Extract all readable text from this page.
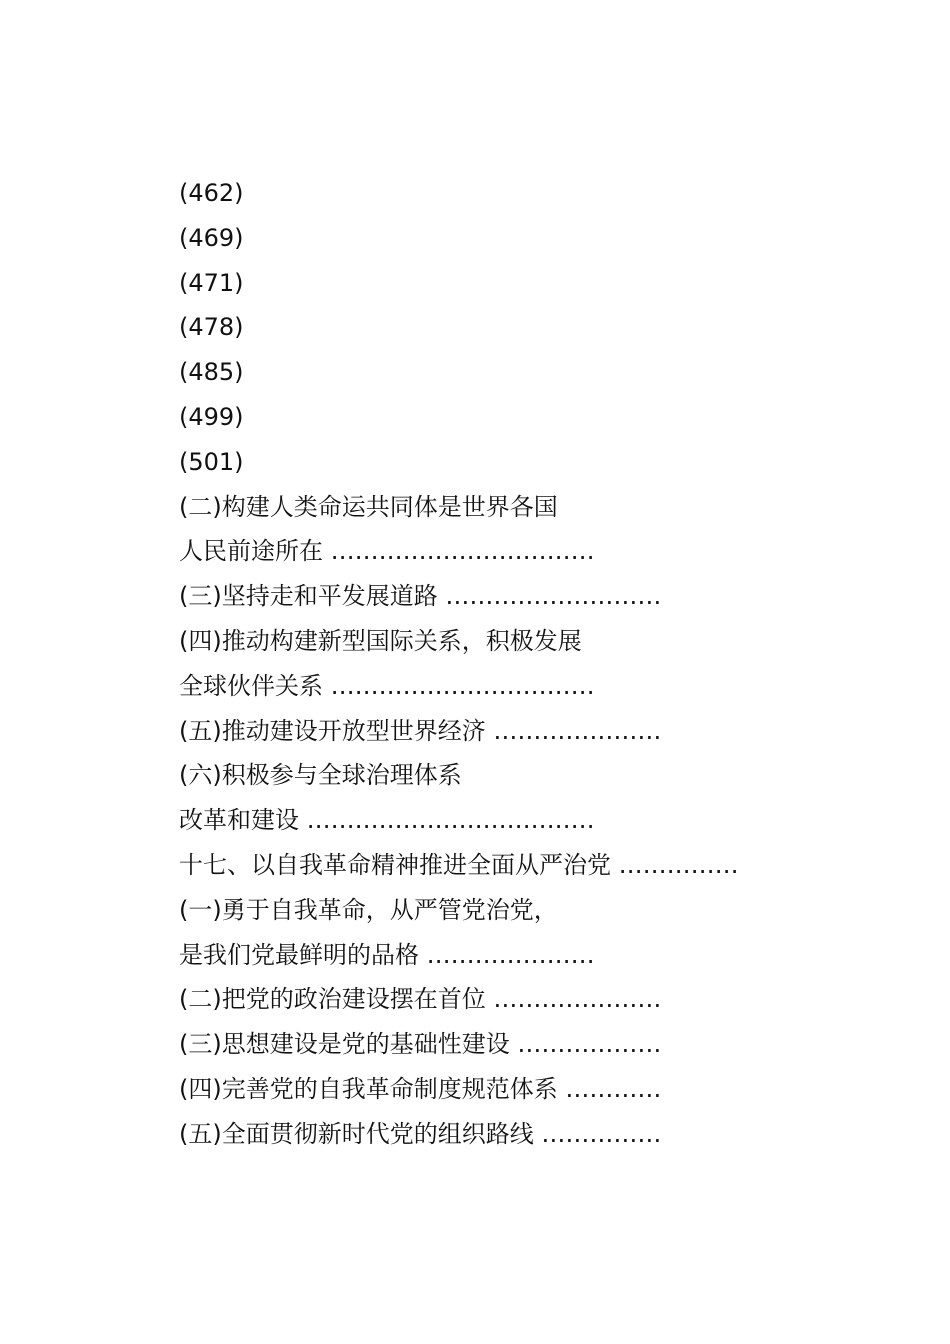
(462)
(469)
(471)
(478)
(485)
(499)
(501)
(二)构建人类命运共同体是世界各国
人民前途所在 ……………………………
(三)坚持走和平发展道路 ………………………
(四)推动构建新型国际关系，积极发展
全球伙伴关系 ……………………………
(五)推动建设开放型世界经济 …………………
(六)积极参与全球治理体系
改革和建设 ………………………………
十七、以自我革命精神推进全面从严治党 ……………
(一)勇于自我革命，从严管党治党，
是我们党最鲜明的品格 …………………
(二)把党的政治建设摆在首位 …………………
(三)思想建设是党的基础性建设 ………………
(四)完善党的自我革命制度规范体系 …………
(五)全面贯彻新时代党的组织路线 ……………
